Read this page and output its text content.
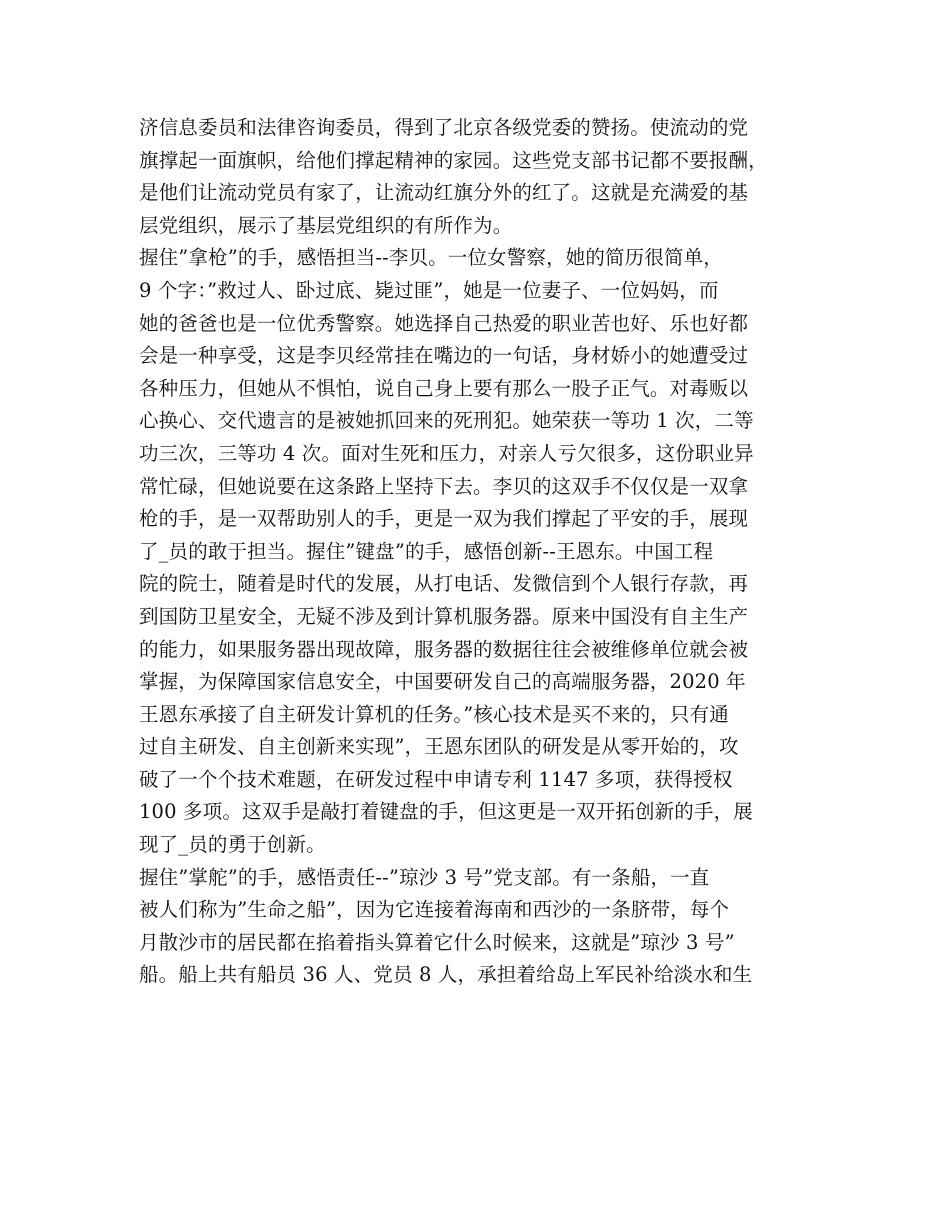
济信息委员和法律咨询委员，得到了北京各级党委的赞扬。使流动的党
旗撑起一面旗帜，给他们撑起精神的家园。这些党支部书记都不要报酬，
是他们让流动党员有家了，让流动红旗分外的红了。这就是充满爱的基
层党组织，展示了基层党组织的有所作为。
握住”拿枪”的手，感悟担当--李贝。一位女警察，她的简历很简单，
9 个字：”救过人、卧过底、毙过匪”，她是一位妻子、一位妈妈，而
她的爸爸也是一位优秀警察。她选择自己热爱的职业苦也好、乐也好都
会是一种享受，这是李贝经常挂在嘴边的一句话，身材娇小的她遭受过
各种压力，但她从不惧怕，说自己身上要有那么一股子正气。对毒贩以
心换心、交代遗言的是被她抓回来的死刑犯。她荣获一等功 1 次，二等
功三次，三等功 4 次。面对生死和压力，对亲人亏欠很多，这份职业异
常忙碌，但她说要在这条路上坚持下去。李贝的这双手不仅仅是一双拿
枪的手，是一双帮助别人的手，更是一双为我们撑起了平安的手，展现
了_员的敢于担当。握住”键盘”的手，感悟创新--王恩东。中国工程
院的院士，随着是时代的发展，从打电话、发微信到个人银行存款，再
到国防卫星安全，无疑不涉及到计算机服务器。原来中国没有自主生产
的能力，如果服务器出现故障，服务器的数据往往会被维修单位就会被
掌握，为保障国家信息安全，中国要研发自己的高端服务器，2020 年
王恩东承接了自主研发计算机的任务。”核心技术是买不来的，只有通
过自主研发、自主创新来实现”，王恩东团队的研发是从零开始的，攻
破了一个个技术难题，在研发过程中申请专利 1147 多项，获得授权
100 多项。这双手是敲打着键盘的手，但这更是一双开拓创新的手，展
现了_员的勇于创新。
握住”掌舵”的手，感悟责任--”琼沙 3 号”党支部。有一条船，一直
被人们称为”生命之船”，因为它连接着海南和西沙的一条脐带，每个
月散沙市的居民都在掐着指头算着它什么时候来，这就是”琼沙 3 号”
船。船上共有船员 36 人、党员 8 人，承担着给岛上军民补给淡水和生
